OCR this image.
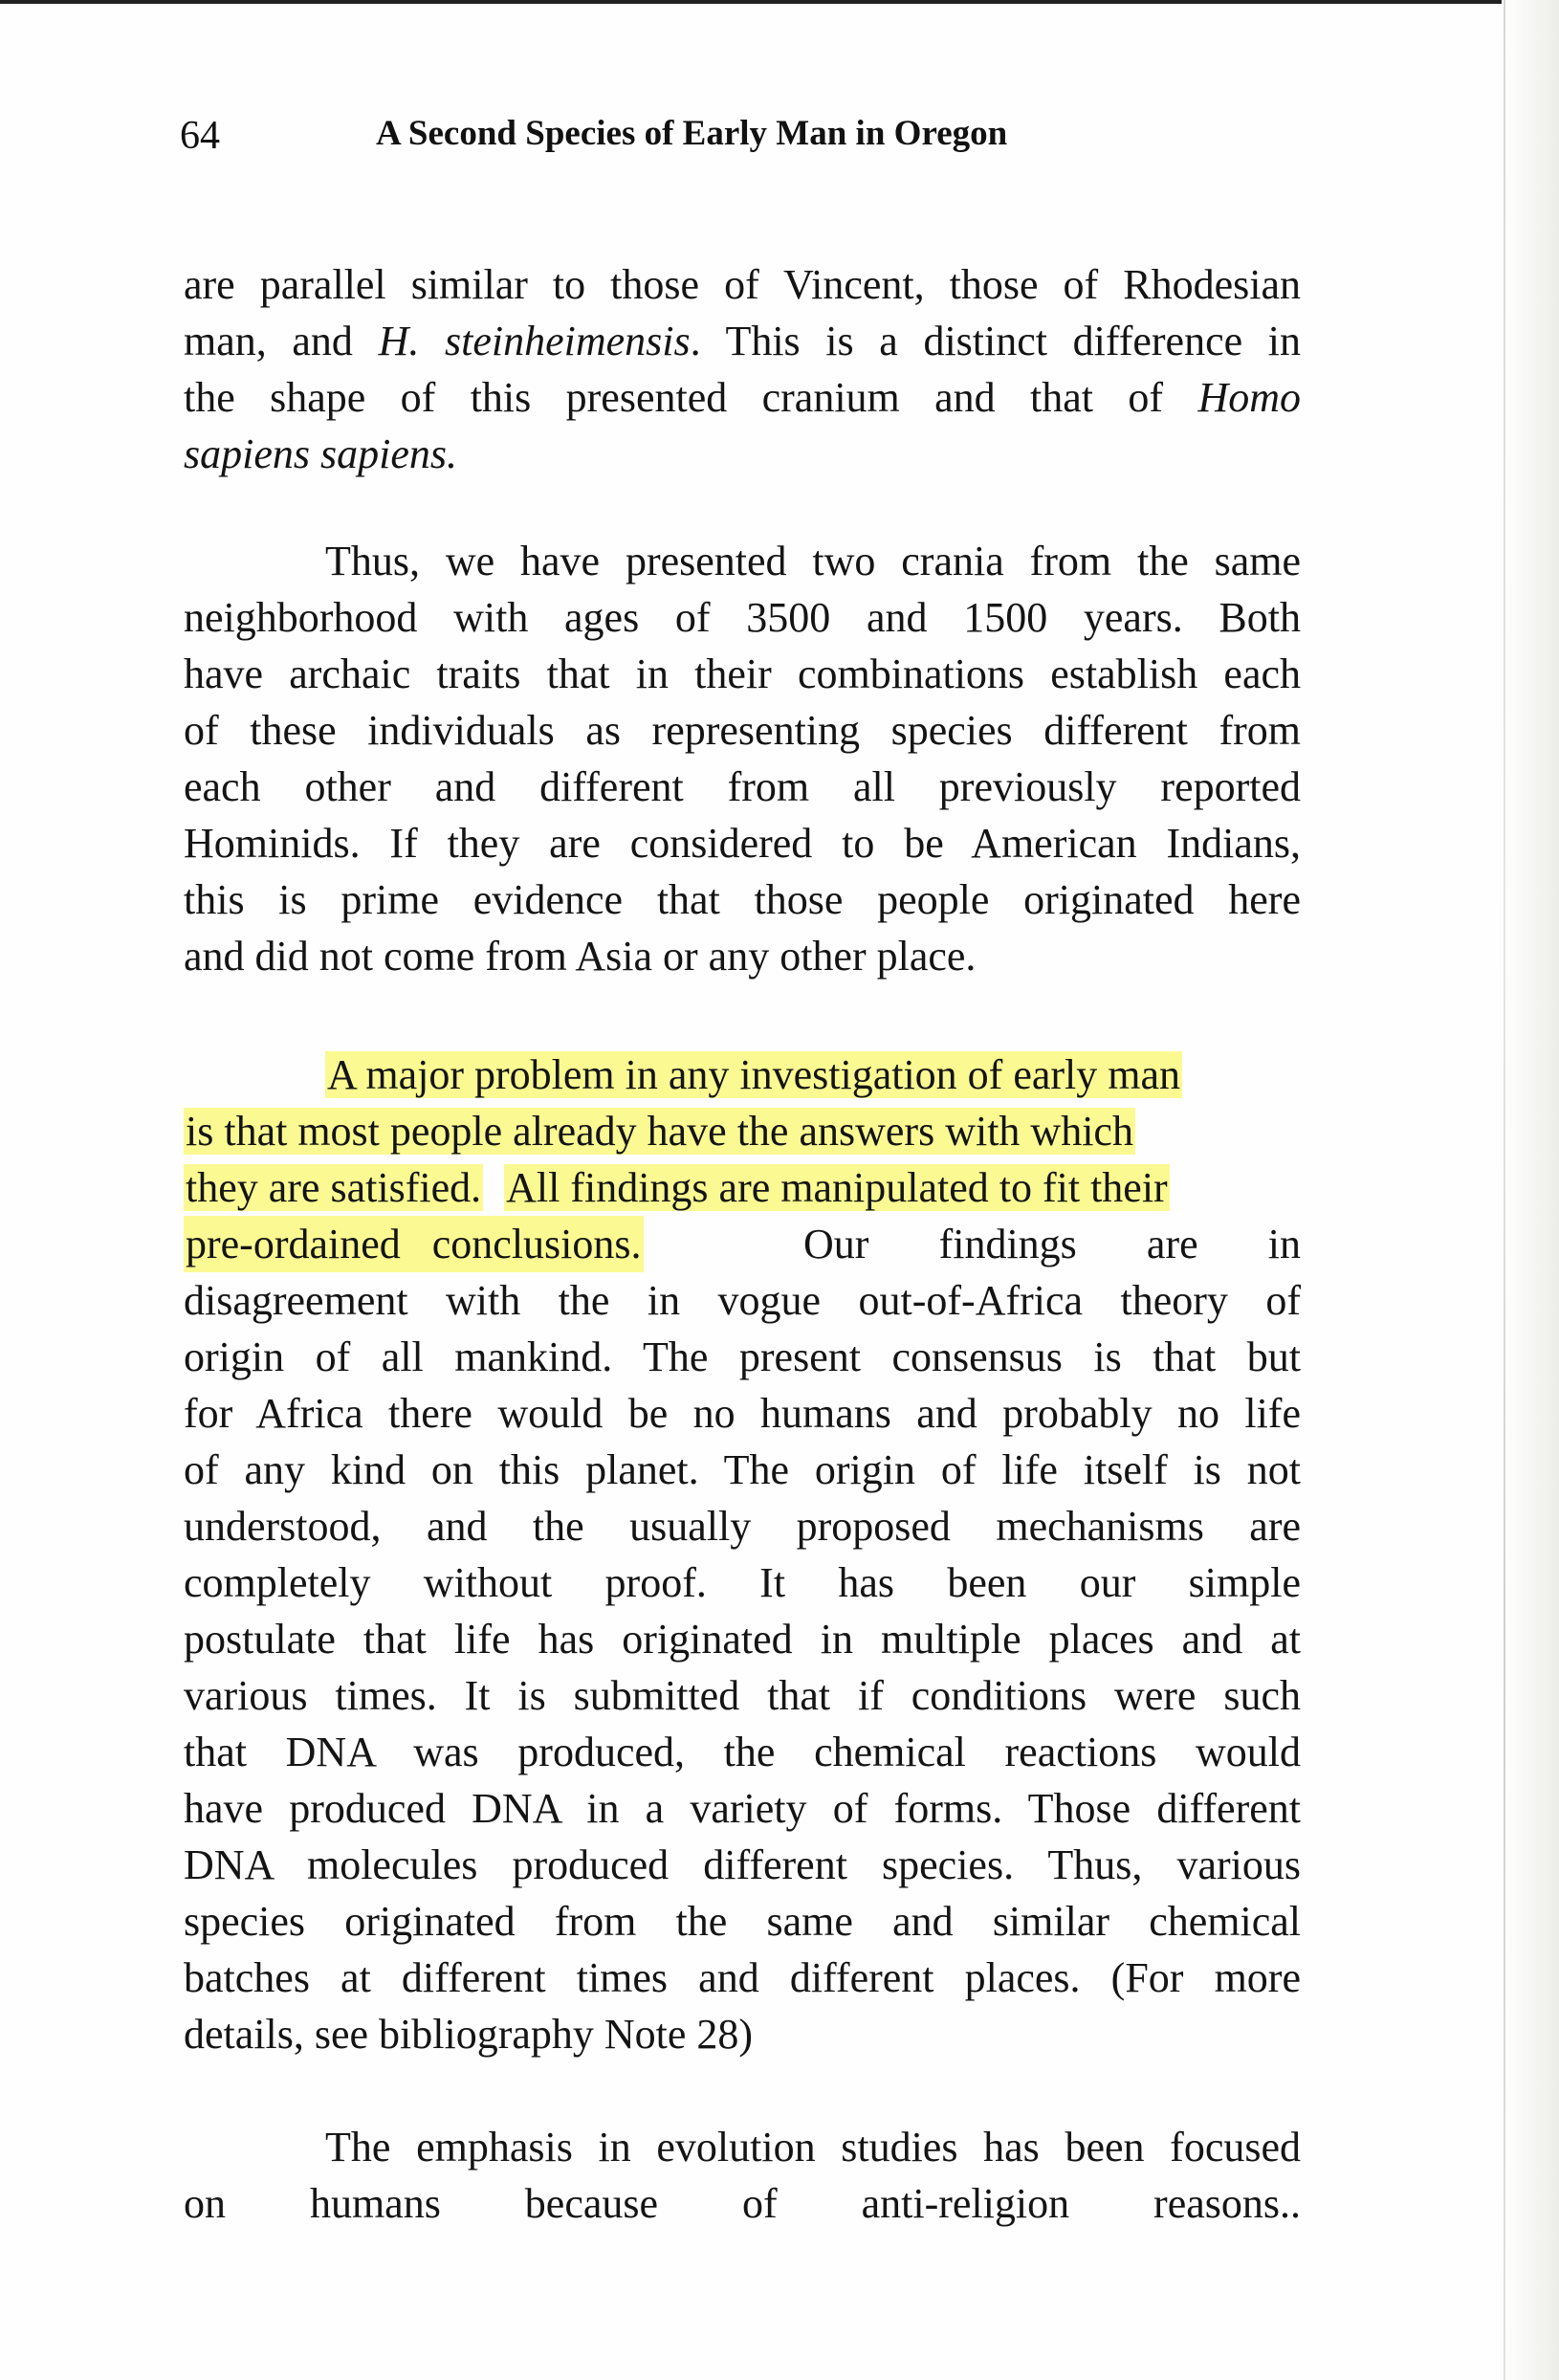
64	A Second Species of Early Man in Oregon
are parallel similar to those of Vincent, those of Rhodesian
man, and H. steinheimensis. This is a distinct difference in
the shape of this presented cranium and that of Homo
sapiens sapiens.
Thus, we have presented two crania from the same
neighborhood with ages of 3500 and 1500 years. Both
have archaic traits that in their combinations establish each
of these individuals as representing species different from
each other and different from all previously reported
Hominids. If they are considered to be American Indians,
this is prime evidence that those people originated here
and did not come from Asia or any other place.
A major problem in any investigation of early man
is that most people already have the answers with which
they are satisfied. All findings are manipulated to fit their
pre-ordained   conclusions.	Our  findings  are  in
disagreement with the in vogue out-of-Africa theory of
origin of all mankind. The present consensus is that but
for Africa there would be no humans and probably no life
of any kind on this planet. The origin of life itself is not
understood, and the usually proposed mechanisms are
completely without proof. It has been our simple
postulate that life has originated in multiple places and at
various times. It is submitted that if conditions were such
that DNA was produced, the chemical reactions would
have produced DNA in a variety of forms. Those different
DNA molecules produced different species. Thus, various
species originated from the same and similar chemical
batches at different times and different places. (For more
details, see bibliography Note 28)
The emphasis in evolution studies has been focused
on humans because of anti-religion reasons..
